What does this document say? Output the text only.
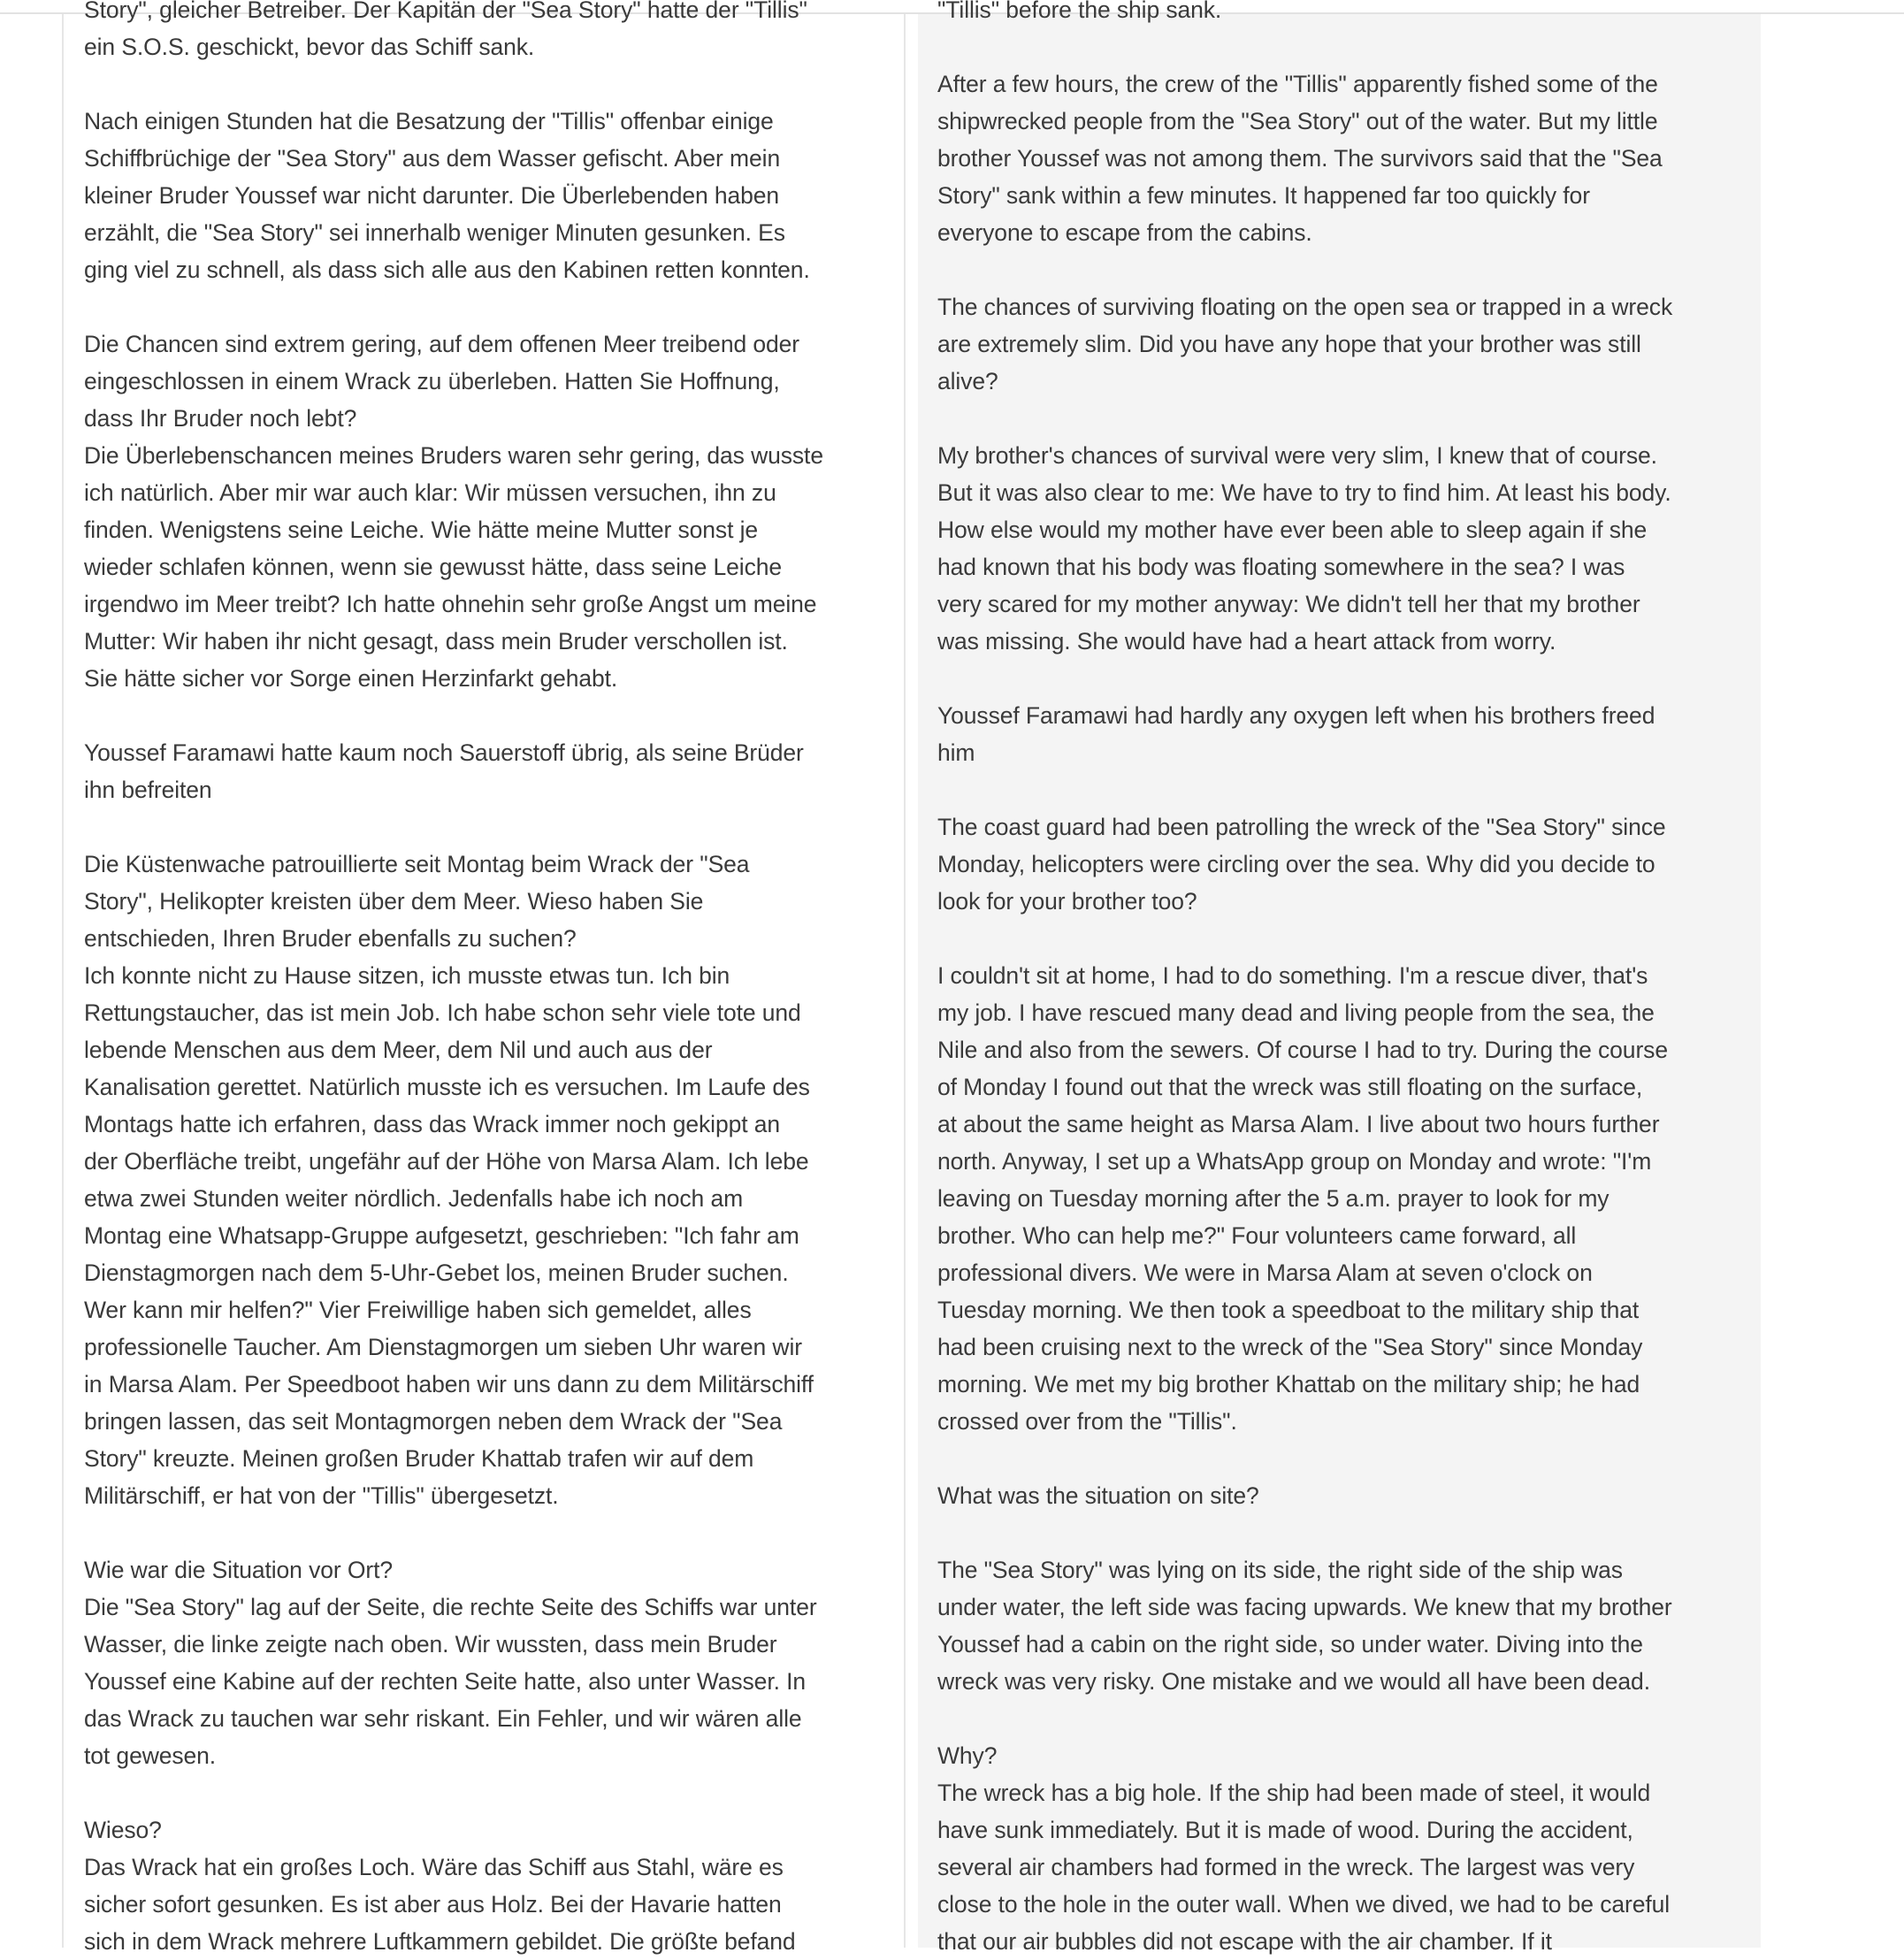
Story", gleicher Betreiber. Der Kapitän der "Sea Story" hatte der "Tillis"
ein S.O.S. geschickt, bevor das Schiff sank.

Nach einigen Stunden hat die Besatzung der "Tillis" offenbar einige
Schiffbrüchige der "Sea Story" aus dem Wasser gefischt. Aber mein
kleiner Bruder Youssef war nicht darunter. Die Überlebenden haben
erzählt, die "Sea Story" sei innerhalb weniger Minuten gesunken. Es
ging viel zu schnell, als dass sich alle aus den Kabinen retten konnten.

Die Chancen sind extrem gering, auf dem offenen Meer treibend oder
eingeschlossen in einem Wrack zu überleben. Hatten Sie Hoffnung,
dass Ihr Bruder noch lebt?

Die Überlebenschancen meines Bruders waren sehr gering, das wusste
ich natürlich. Aber mir war auch klar: Wir müssen versuchen, ihn zu
finden. Wenigstens seine Leiche. Wie hätte meine Mutter sonst je
wieder schlafen können, wenn sie gewusst hätte, dass seine Leiche
irgendwo im Meer treibt? Ich hatte ohnehin sehr große Angst um meine
Mutter: Wir haben ihr nicht gesagt, dass mein Bruder verschollen ist.
Sie hätte sicher vor Sorge einen Herzinfarkt gehabt.

Youssef Faramawi hatte kaum noch Sauerstoff übrig, als seine Brüder
ihn befreiten

Die Küstenwache patrouillierte seit Montag beim Wrack der "Sea
Story", Helikopter kreisten über dem Meer. Wieso haben Sie
entschieden, Ihren Bruder ebenfalls zu suchen?

Ich konnte nicht zu Hause sitzen, ich musste etwas tun. Ich bin
Rettungstaucher, das ist mein Job. Ich habe schon sehr viele tote und
lebende Menschen aus dem Meer, dem Nil und auch aus der
Kanalisation gerettet. Natürlich musste ich es versuchen. Im Laufe des
Montags hatte ich erfahren, dass das Wrack immer noch gekippt an
der Oberfläche treibt, ungefähr auf der Höhe von Marsa Alam. Ich lebe
etwa zwei Stunden weiter nördlich. Jedenfalls habe ich noch am
Montag eine Whatsapp-Gruppe aufgesetzt, geschrieben: "Ich fahr am
Dienstagmorgen nach dem 5-Uhr-Gebet los, meinen Bruder suchen.
Wer kann mir helfen?" Vier Freiwillige haben sich gemeldet, alles
professionelle Taucher. Am Dienstagmorgen um sieben Uhr waren wir
in Marsa Alam. Per Speedboot haben wir uns dann zu dem Militärschiff
bringen lassen, das seit Montagmorgen neben dem Wrack der "Sea
Story" kreuzte. Meinen großen Bruder Khattab trafen wir auf dem
Militärschiff, er hat von der "Tillis" übergesetzt.

Wie war die Situation vor Ort?

Die "Sea Story" lag auf der Seite, die rechte Seite des Schiffs war unter
Wasser, die linke zeigte nach oben. Wir wussten, dass mein Bruder
Youssef eine Kabine auf der rechten Seite hatte, also unter Wasser. In
das Wrack zu tauchen war sehr riskant. Ein Fehler, und wir wären alle
tot gewesen.

Wieso?

Das Wrack hat ein großes Loch. Wäre das Schiff aus Stahl, wäre es
sicher sofort gesunken. Es ist aber aus Holz. Bei der Havarie hatten
sich in dem Wrack mehrere Luftkammern gebildet. Die größte befand

"Tillis" before the ship sank.

After a few hours, the crew of the "Tillis" apparently fished some of the
shipwrecked people from the "Sea Story" out of the water. But my little
brother Youssef was not among them. The survivors said that the "Sea
Story" sank within a few minutes. It happened far too quickly for
everyone to escape from the cabins.

The chances of surviving floating on the open sea or trapped in a wreck
are extremely slim. Did you have any hope that your brother was still
alive?

My brother's chances of survival were very slim, I knew that of course.
But it was also clear to me: We have to try to find him. At least his body.
How else would my mother have ever been able to sleep again if she
had known that his body was floating somewhere in the sea? I was
very scared for my mother anyway: We didn't tell her that my brother
was missing. She would have had a heart attack from worry.

Youssef Faramawi had hardly any oxygen left when his brothers freed
him

The coast guard had been patrolling the wreck of the "Sea Story" since
Monday, helicopters were circling over the sea. Why did you decide to
look for your brother too?

I couldn't sit at home, I had to do something. I'm a rescue diver, that's
my job. I have rescued many dead and living people from the sea, the
Nile and also from the sewers. Of course I had to try. During the course
of Monday I found out that the wreck was still floating on the surface,
at about the same height as Marsa Alam. I live about two hours further
north. Anyway, I set up a WhatsApp group on Monday and wrote: "I'm
leaving on Tuesday morning after the 5 a.m. prayer to look for my
brother. Who can help me?" Four volunteers came forward, all
professional divers. We were in Marsa Alam at seven o'clock on
Tuesday morning. We then took a speedboat to the military ship that
had been cruising next to the wreck of the "Sea Story" since Monday
morning. We met my big brother Khattab on the military ship; he had
crossed over from the "Tillis".

What was the situation on site?

The "Sea Story" was lying on its side, the right side of the ship was
under water, the left side was facing upwards. We knew that my brother
Youssef had a cabin on the right side, so under water. Diving into the
wreck was very risky. One mistake and we would all have been dead.

Why?

The wreck has a big hole. If the ship had been made of steel, it would
have sunk immediately. But it is made of wood. During the accident,
several air chambers had formed in the wreck. The largest was very
close to the hole in the outer wall. When we dived, we had to be careful
that our air bubbles did not escape with the air chamber. If it
